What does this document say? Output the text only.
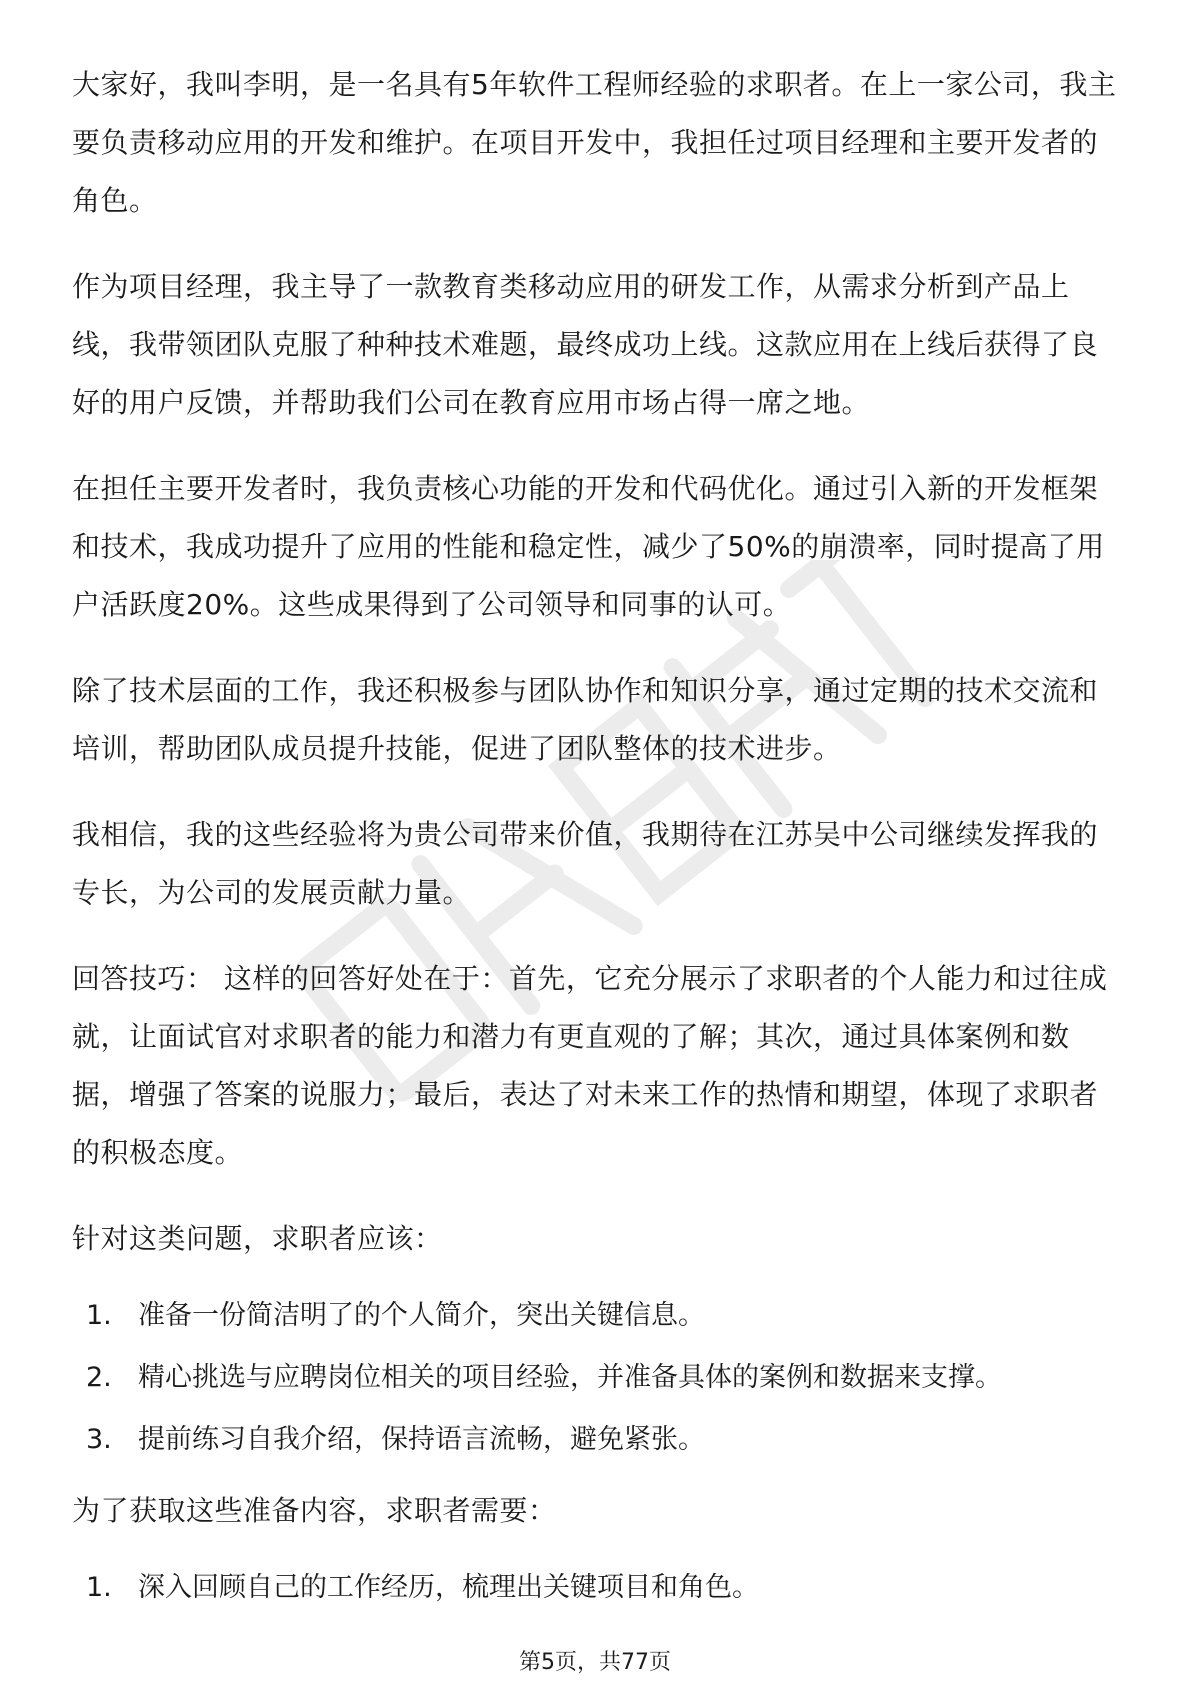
大家好，我叫李明，是一名具有5年软件工程师经验的求职者。在上一家公司，我主要负责移动应用的开发和维护。在项目开发中，我担任过项目经理和主要开发者的角色。

作为项目经理，我主导了一款教育类移动应用的研发工作，从需求分析到产品上线，我带领团队克服了种种技术难题，最终成功上线。这款应用在上线后获得了良好的用户反馈，并帮助我们公司在教育应用市场占得一席之地。

在担任主要开发者时，我负责核心功能的开发和代码优化。通过引入新的开发框架和技术，我成功提升了应用的性能和稳定性，减少了50%的崩溃率，同时提高了用户活跃度20%。这些成果得到了公司领导和同事的认可。

除了技术层面的工作，我还积极参与团队协作和知识分享，通过定期的技术交流和培训，帮助团队成员提升技能，促进了团队整体的技术进步。

我相信，我的这些经验将为贵公司带来价值，我期待在江苏吴中公司继续发挥我的专长，为公司的发展贡献力量。

回答技巧： 这样的回答好处在于：首先，它充分展示了求职者的个人能力和过往成就，让面试官对求职者的能力和潜力有更直观的了解；其次，通过具体案例和数据，增强了答案的说服力；最后，表达了对未来工作的热情和期望，体现了求职者的积极态度。

针对这类问题，求职者应该：

1. 准备一份简洁明了的个人简介，突出关键信息。
2. 精心挑选与应聘岗位相关的项目经验，并准备具体的案例和数据来支撑。
3. 提前练习自我介绍，保持语言流畅，避免紧张。

为了获取这些准备内容，求职者需要：

1. 深入回顾自己的工作经历，梳理出关键项目和角色。
第5页，共77页
